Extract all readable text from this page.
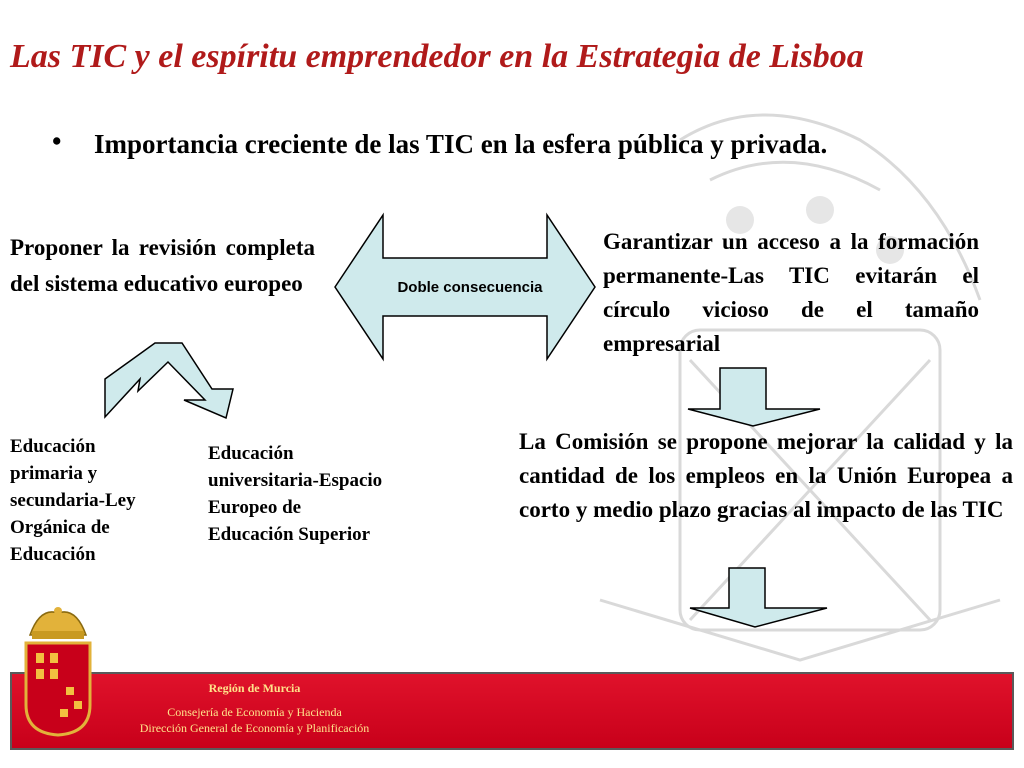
Las TIC y el espíritu emprendedor en la Estrategia de Lisboa
• Importancia creciente de las TIC en la esfera pública y privada.
Doble consecuencia
Proponer la revisión completa del sistema educativo europeo
Garantizar un acceso a la formación permanente-Las TIC evitarán el círculo vicioso de el tamaño empresarial
Educación primaria y secundaria-Ley Orgánica de Educación
Educación universitaria-Espacio Europeo de Educación Superior
La Comisión se propone mejorar la calidad y la cantidad de los empleos en la Unión Europea a corto y medio plazo gracias al impacto de las TIC
Región de Murcia
Consejería de Economía y Hacienda
Dirección General de Economía y Planificación
